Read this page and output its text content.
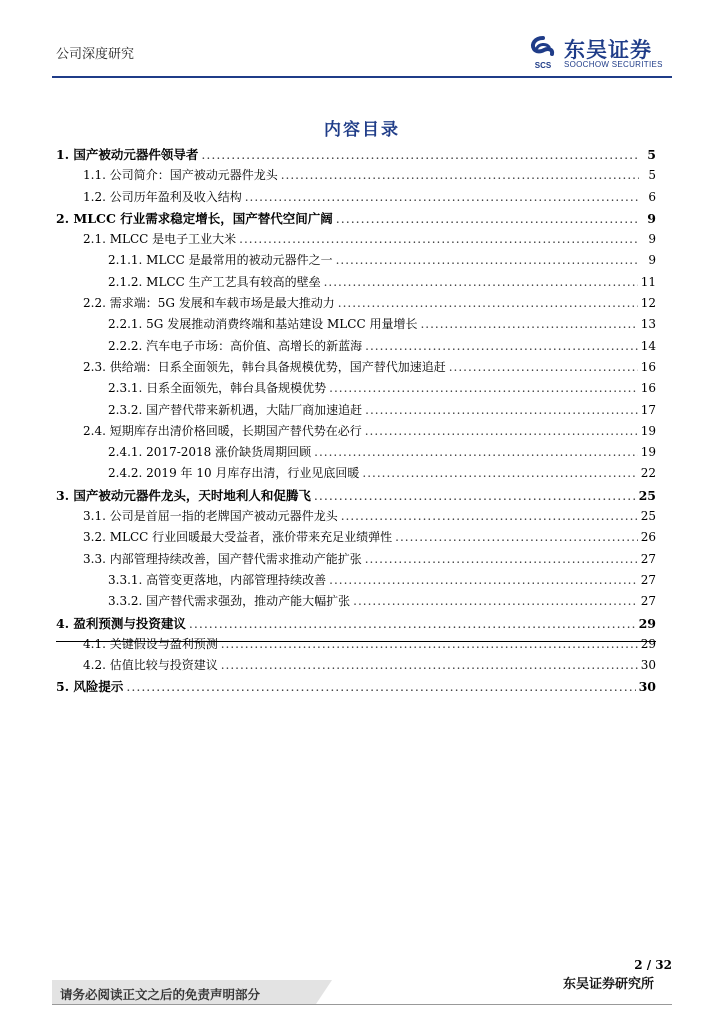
公司深度研究
SCS
东吴证券
SOOCHOW SECURITIES
内容目录
1. 国产被动元器件领导者 .....	5
1.1. 公司简介：国产被动元器件龙头 .....	5
1.2. 公司历年盈利及收入结构 .....	6
2. MLCC 行业需求稳定增长，国产替代空间广阔 .....	9
2.1. MLCC 是电子工业大米 .....	9
2.1.1. MLCC 是最常用的被动元器件之一 .....	9
2.1.2. MLCC 生产工艺具有较高的壁垒 .....	11
2.2. 需求端：5G 发展和车载市场是最大推动力 .....	12
2.2.1. 5G 发展推动消费终端和基站建设 MLCC 用量增长 .....	13
2.2.2. 汽车电子市场：高价值、高增长的新蓝海 .....	14
2.3. 供给端：日系全面领先，韩台具备规模优势，国产替代加速追赶 .....	16
2.3.1. 日系全面领先，韩台具备规模优势 .....	16
2.3.2. 国产替代带来新机遇，大陆厂商加速追赶 .....	17
2.4. 短期库存出清价格回暖，长期国产替代势在必行 .....	19
2.4.1. 2017-2018 涨价缺货周期回顾 .....	19
2.4.2. 2019 年 10 月库存出清，行业见底回暖 .....	22
3. 国产被动元器件龙头，天时地利人和促腾飞 .....	25
3.1. 公司是首屈一指的老牌国产被动元器件龙头 .....	25
3.2. MLCC 行业回暖最大受益者，涨价带来充足业绩弹性 .....	26
3.3. 内部管理持续改善，国产替代需求推动产能扩张 .....	27
3.3.1. 高管变更落地，内部管理持续改善 .....	27
3.3.2. 国产替代需求强劲，推动产能大幅扩张 .....	27
4. 盈利预测与投资建议 .....	29
4.1. 关键假设与盈利预测 .....	29
4.2. 估值比较与投资建议 .....	30
5. 风险提示 .....	30
2 / 32
请务必阅读正文之后的免责声明部分
东吴证券研究所
